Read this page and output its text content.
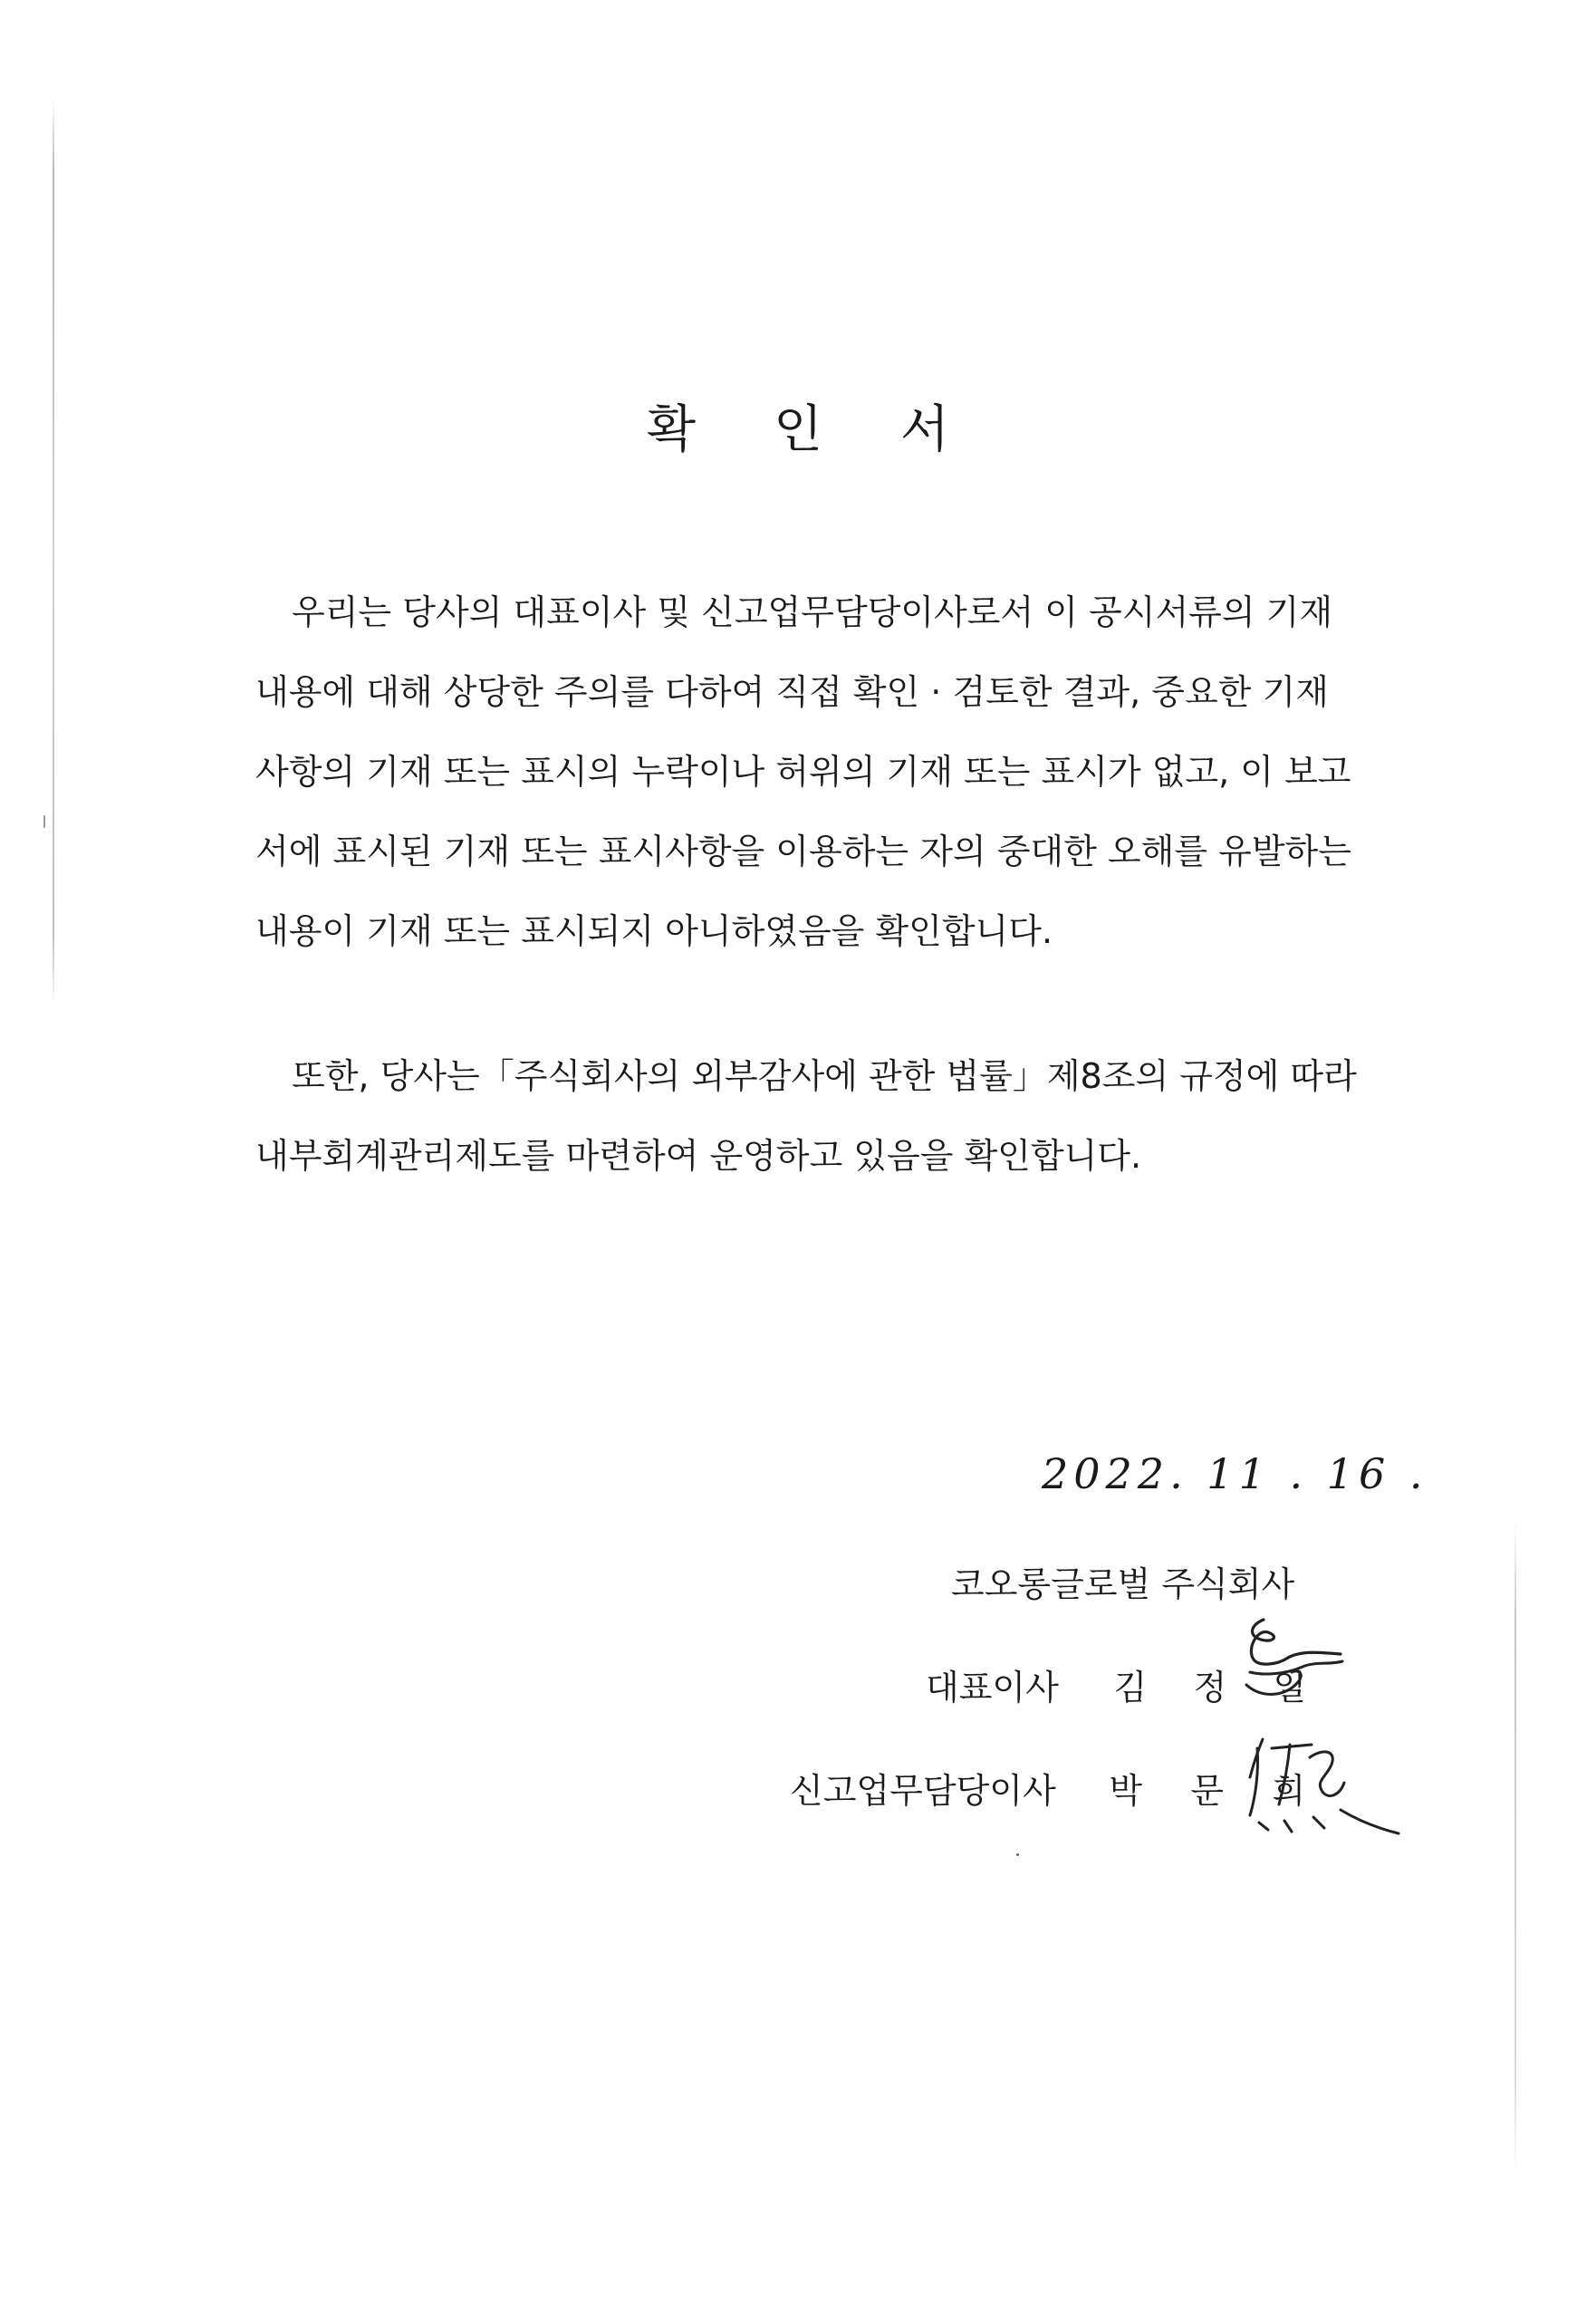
확 인 서

우리는 당사의 대표이사 및 신고업무담당이사로서 이 공시서류의 기재
내용에 대해 상당한 주의를 다하여 직접 확인 · 검토한 결과, 중요한 기재
사항의 기재 또는 표시의 누락이나 허위의 기재 또는 표시가 없고, 이 보고
서에 표시된 기재 또는 표시사항을 이용하는 자의 중대한 오해를 유발하는
내용이 기재 또는 표시되지 아니하였음을 확인합니다.

또한, 당사는「주식회사의 외부감사에 관한 법률」제8조의 규정에 따라
내부회계관리제도를 마련하여 운영하고 있음을 확인합니다.

2022. 11 . 16 .
코오롱글로벌 주식회사
대표이사 김 정 일
신고업무담당이사 박 문 희
